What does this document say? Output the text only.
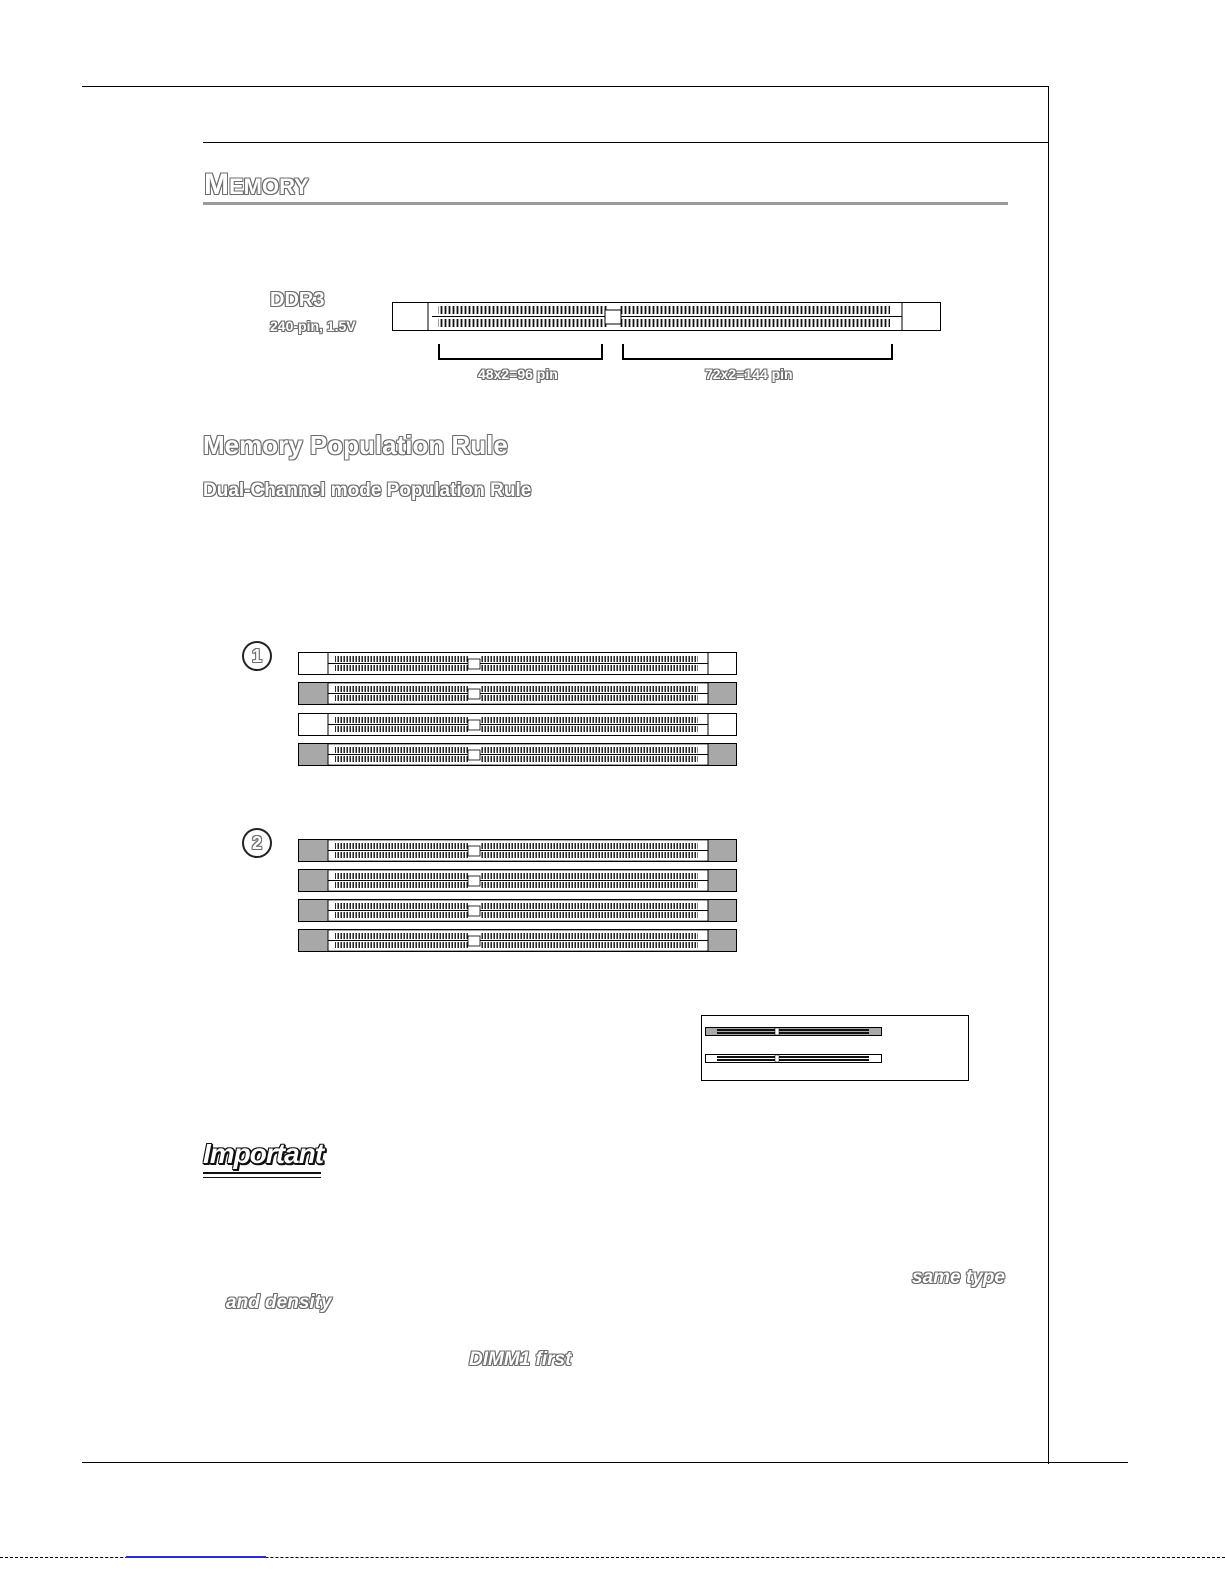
MEMORY
DDR3
240-pin, 1.5V
48x2=96 pin	72x2=144 pin
Memory Population Rule
Dual-Channel mode Population Rule
1
2
Important
same type
and density
DIMM1 first
